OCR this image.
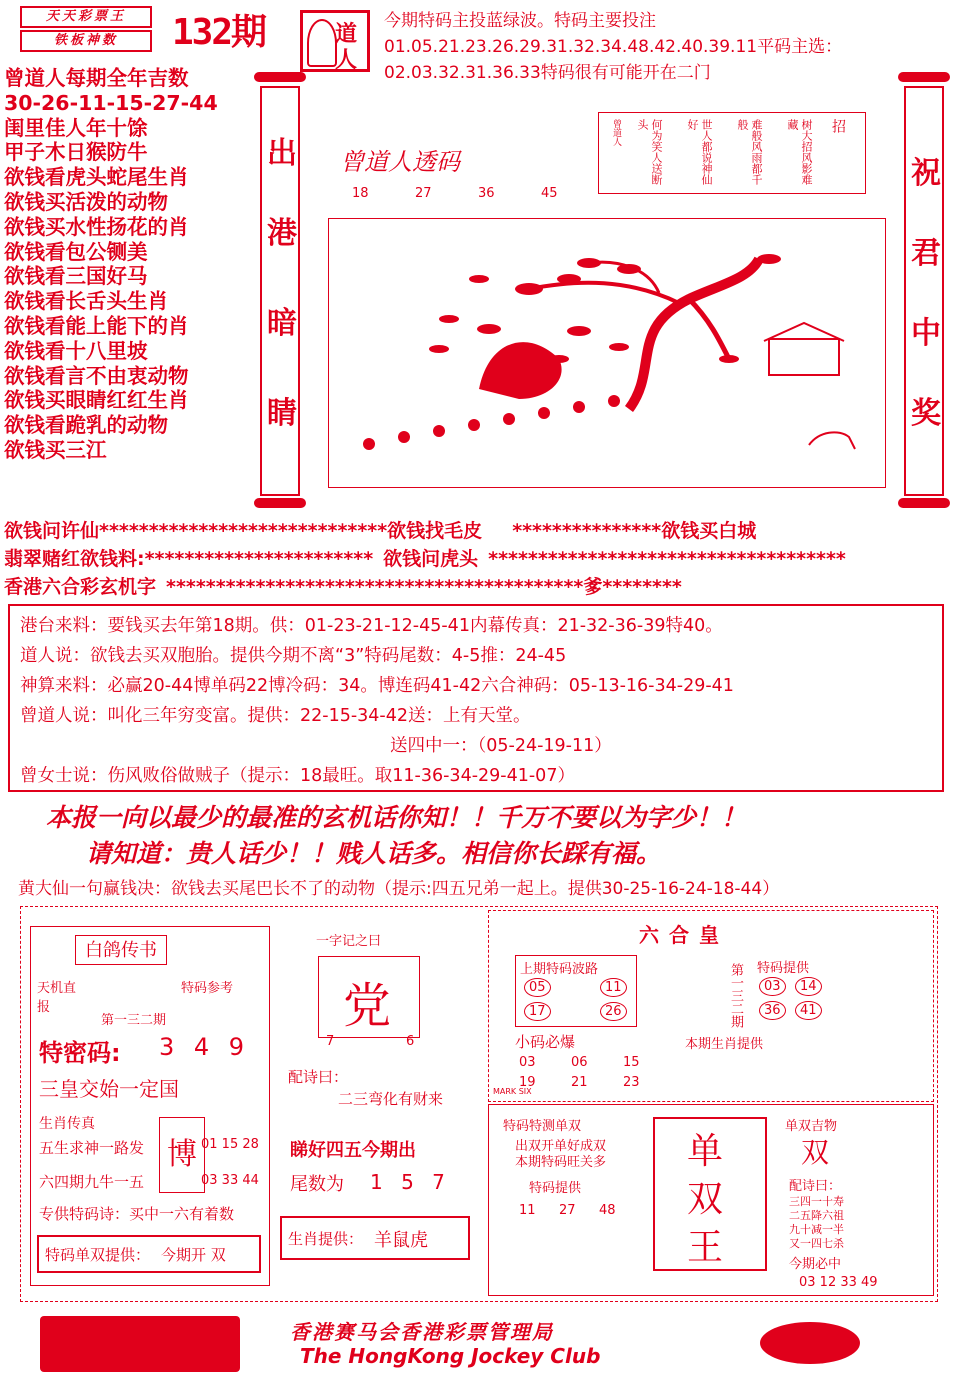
天天彩票王
铁板神数	132期	道
人
今期特码主投蓝绿波。特码主要投注01.05.21.23.26.29.31.32.34.48.42.40.39.11平码主选：02.03.32.31.36.33特码很有可能开在二门
曾道人每期全年吉数
30-26-11-15-27-44
闺里佳人年十馀
甲子木日猴防牛
欲钱看虎头蛇尾生肖
欲钱买活泼的动物
欲钱买水性扬花的肖
欲钱看包公铡美
欲钱看三国好马
欲钱看长舌头生肖
欲钱看能上能下的肖
欲钱看十八里坡
欲钱看言不由衷动物
欲钱买眼睛红红生肖
欲钱看跪乳的动物
欲钱买三江
出
港
暗
睛
祝
君
中
奖
曾道人透码
18	27	36	45
招
树大招风影难藏
难般风雨都千般
世人都说神仙好
何为笑人送断头
曾道人
欲钱问许仙*****************************欲钱找毛皮 ***************欲钱买白城
翡翠赌红欲钱料:*********************** 欲钱问虎头 ************************************
香港六合彩玄机字 ******************************************爹********
港台来料：要钱买去年第18期。供：01-23-21-12-45-41内幕传真：21-32-36-39特40。
道人说：欲钱去买双胞胎。提供今期不离“3”特码尾数：4-5推：24-45
神算来料：必赢20-44博单码22博冷码：34。博连码41-42六合神码：05-13-16-34-29-41
曾道人说：叫化三年穷变富。提供：22-15-34-42送：上有天堂。
送四中一：（05-24-19-11）
曾女士说：伤风败俗做贼子（提示：18最旺。取11-36-34-29-41-07）
本报一向以最少的最准的玄机话你知！！千万不要以为字少！！
请知道：贵人话少！！贱人话多。相信你长踩有福。
黄大仙一句赢钱决：欲钱去买尾巴长不了的动物（提示:四五兄弟一起上。提供30-25-16-24-18-44）
白鸽传书
天机直报
特码参考
第一三二期
特密码: 3 4 9
三皇交始一定国
生肖传真
五生求神一路发
六四期九牛一五
博 01 15 28
03 33 44
专供特码诗：买中一六有着数
特码单双提供： 今期开 双
一字记之曰
党
7	6
配诗曰：
二三弯化有财来
睇好四五今期出
尾数为 1 5 7
生肖提供： 羊鼠虎
六合皇
上期特码波路
05	11
17	26	第一三二期 特码提供
03	14
36	41
小码必爆	本期生肖提供
03	06	15
19	21	23
MARK SIX
特码特测单双
出双开单好成双
本期特码旺关多
特码提供
11 27 48
单
双
王
单双吉物
双
配诗曰：
三四一十寿
二五降六祖
九十减一半
又一四七杀
今期必中
03 12 33 49
香港赛马会香港彩票管理局
The HongKong Jockey Club
